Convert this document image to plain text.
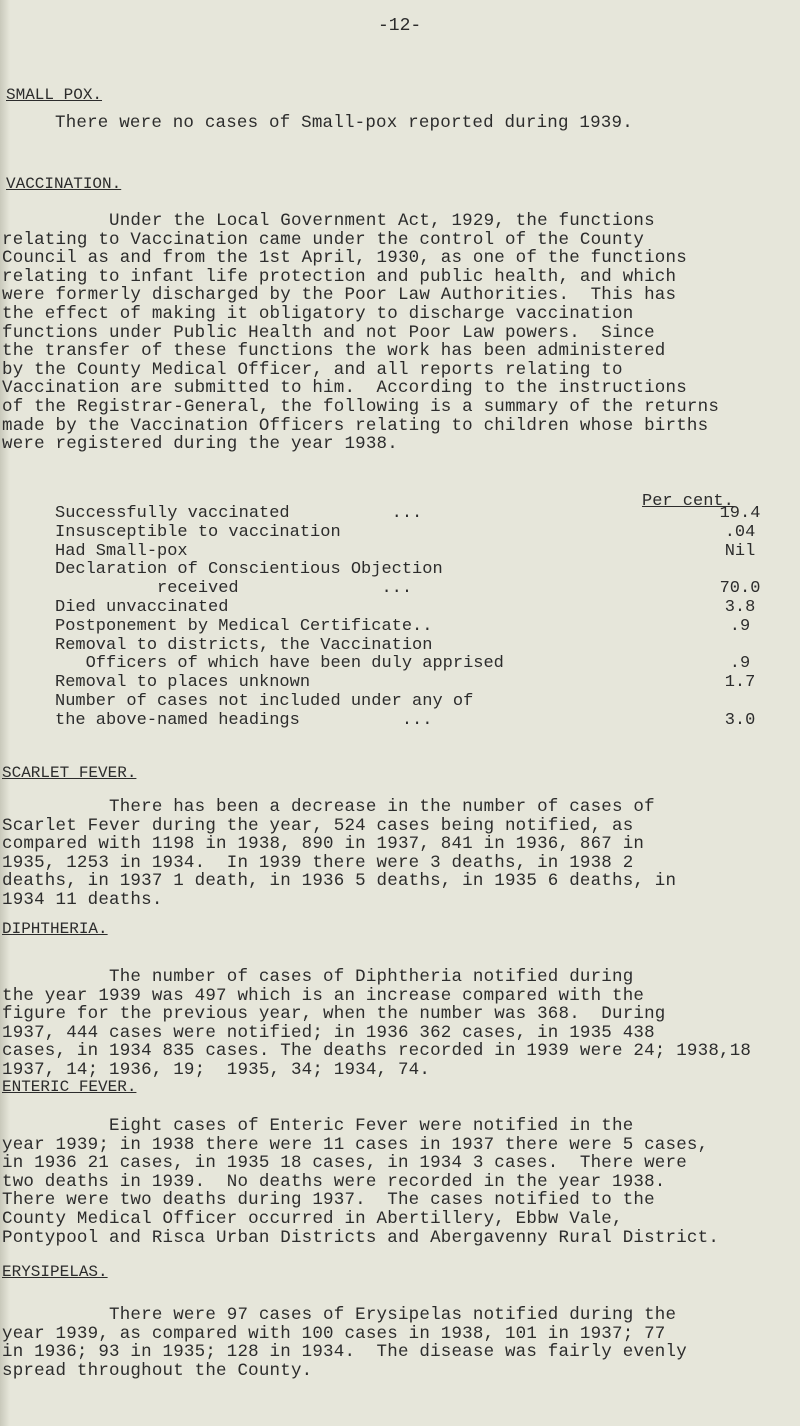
-12-
SMALL POX.
There were no cases of Small-pox reported during 1939.
VACCINATION.
Under the Local Government Act, 1929, the functions
relating to Vaccination came under the control of the County
Council as and from the 1st April, 1930, as one of the functions
relating to infant life protection and public health, and which
were formerly discharged by the Poor Law Authorities.  This has
the effect of making it obligatory to discharge vaccination
functions under Public Health and not Poor Law powers.  Since
the transfer of these functions the work has been administered
by the County Medical Officer, and all reports relating to
Vaccination are submitted to him.  According to the instructions
of the Registrar-General, the following is a summary of the returns
made by the Vaccination Officers relating to children whose births
were registered during the year 1938.
Per cent.
Successfully vaccinated          ...	19.4
Insusceptible to vaccination	.04
Had Small-pox	Nil
Declaration of Conscientious Objection
received              ...	70.0
Died unvaccinated	3.8
Postponement by Medical Certificate..	.9
Removal to districts, the Vaccination
Officers of which have been duly apprised	.9
Removal to places unknown	1.7
Number of cases not included under any of
the above-named headings          ...	3.0
SCARLET FEVER.
There has been a decrease in the number of cases of
Scarlet Fever during the year, 524 cases being notified, as
compared with 1198 in 1938, 890 in 1937, 841 in 1936, 867 in
1935, 1253 in 1934.  In 1939 there were 3 deaths, in 1938 2
deaths, in 1937 1 death, in 1936 5 deaths, in 1935 6 deaths, in
1934 11 deaths.
DIPHTHERIA.
The number of cases of Diphtheria notified during
the year 1939 was 497 which is an increase compared with the
figure for the previous year, when the number was 368.  During
1937, 444 cases were notified; in 1936 362 cases, in 1935 438
cases, in 1934 835 cases. The deaths recorded in 1939 were 24; 1938,18
1937, 14; 1936, 19;  1935, 34; 1934, 74.
ENTERIC FEVER.
Eight cases of Enteric Fever were notified in the
year 1939; in 1938 there were 11 cases in 1937 there were 5 cases,
in 1936 21 cases, in 1935 18 cases, in 1934 3 cases.  There were
two deaths in 1939.  No deaths were recorded in the year 1938.
There were two deaths during 1937.  The cases notified to the
County Medical Officer occurred in Abertillery, Ebbw Vale,
Pontypool and Risca Urban Districts and Abergavenny Rural District.
ERYSIPELAS.
There were 97 cases of Erysipelas notified during the
year 1939, as compared with 100 cases in 1938, 101 in 1937; 77
in 1936; 93 in 1935; 128 in 1934.  The disease was fairly evenly
spread throughout the County.
